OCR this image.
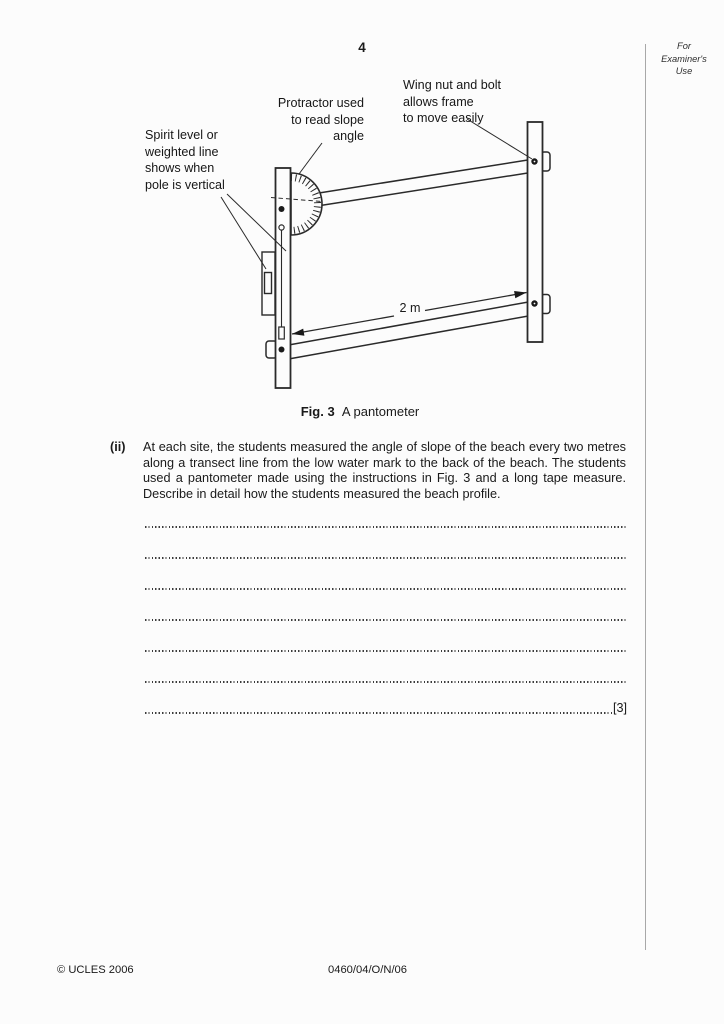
4	For
Examiner's
Use
Wing nut and bolt
allows frame
to move easily
Protractor used
to read slope
angle
Spirit level or
weighted line
shows when
pole is vertical
2 m
Fig. 3 A pantometer
(ii)	At each site, the students measured the angle of slope of the beach every two metres along a transect line from the low water mark to the back of the beach. The students used a pantometer made using the instructions in Fig. 3 and a long tape measure. Describe in detail how the students measured the beach profile.
[3]
© UCLES 2006	0460/04/O/N/06
